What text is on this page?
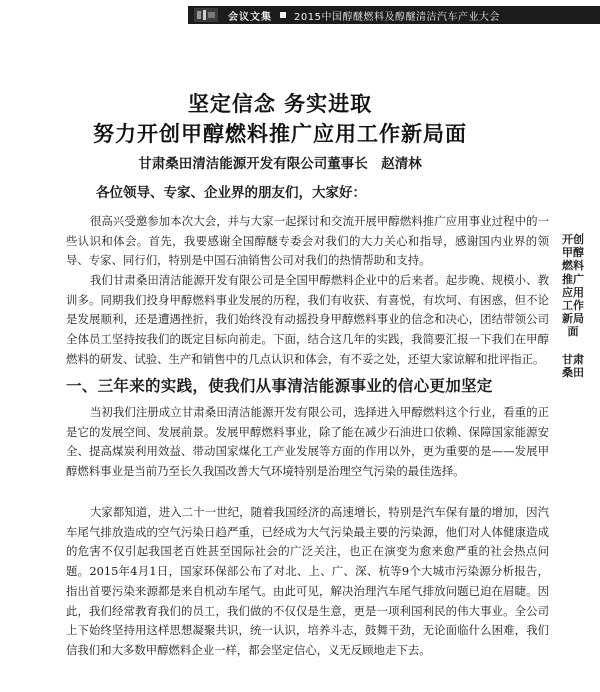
会议文集 2015中国醇醚燃料及醇醚清洁汽车产业大会
坚定信念 务实进取
努力开创甲醇燃料推广应用工作新局面
甘肃桑田清洁能源开发有限公司董事长　赵清林
各位领导、专家、企业界的朋友们，大家好：

很高兴受邀参加本次大会，并与大家一起探讨和交流开展甲醇燃料推广应用事业过程中的一些认识和体会。首先，我要感谢全国醇醚专委会对我们的大力关心和指导，感谢国内业界的领导、专家、同行们，特别是中国石油销售公司对我们的热情帮助和支持。

我们甘肃桑田清洁能源开发有限公司是全国甲醇燃料企业中的后来者。起步晚、规模小、教训多。同期我们投身甲醇燃料事业发展的历程，我们有收获、有喜悦，有坎坷、有困惑，但不论是发展顺利，还是遭遇挫折，我们始终没有动摇投身甲醇燃料事业的信念和决心，团结带领公司全体员工坚持按我们的既定目标向前走。下面，结合这几年的实践，我简要汇报一下我们在甲醇燃料的研发、试验、生产和销售中的几点认识和体会，有不妥之处，还望大家谅解和批评指正。

一、三年来的实践，使我们从事清洁能源事业的信心更加坚定

当初我们注册成立甘肃桑田清洁能源开发有限公司，选择进入甲醇燃料这个行业，看重的正是它的发展空间、发展前景。发展甲醇燃料事业，除了能在减少石油进口依赖、保障国家能源安全、提高煤炭利用效益、带动国家煤化工产业发展等方面的作用以外，更为重要的是——发展甲醇燃料事业是当前乃至长久我国改善大气环境特别是治理空气污染的最佳选择。

大家都知道，进入二十一世纪，随着我国经济的高速增长，特别是汽车保有量的增加，因汽车尾气排放造成的空气污染日趋严重，已经成为大气污染最主要的污染源，他们对人体健康造成的危害不仅引起我国老百姓甚至国际社会的广泛关注，也正在演变为愈来愈严重的社会热点问题。2015年4月1日，国家环保部公布了对北、上、广、深、杭等9个大城市污染源分析报告，指出首要污染来源都是来自机动车尾气。由此可见，解决治理汽车尾气排放问题已迫在眉睫。因此，我们经常教育我们的员工，我们做的不仅仅是生意，更是一项利国利民的伟大事业。全公司上下始终坚持用这样思想凝聚共识，统一认识，培养斗志，鼓舞干劲，无论面临什么困难，我们信我们和大多数甲醇燃料企业一样，都会坚定信心，义无反顾地走下去。

开创甲醇燃料推广应用工作新局面
甘肃桑田
